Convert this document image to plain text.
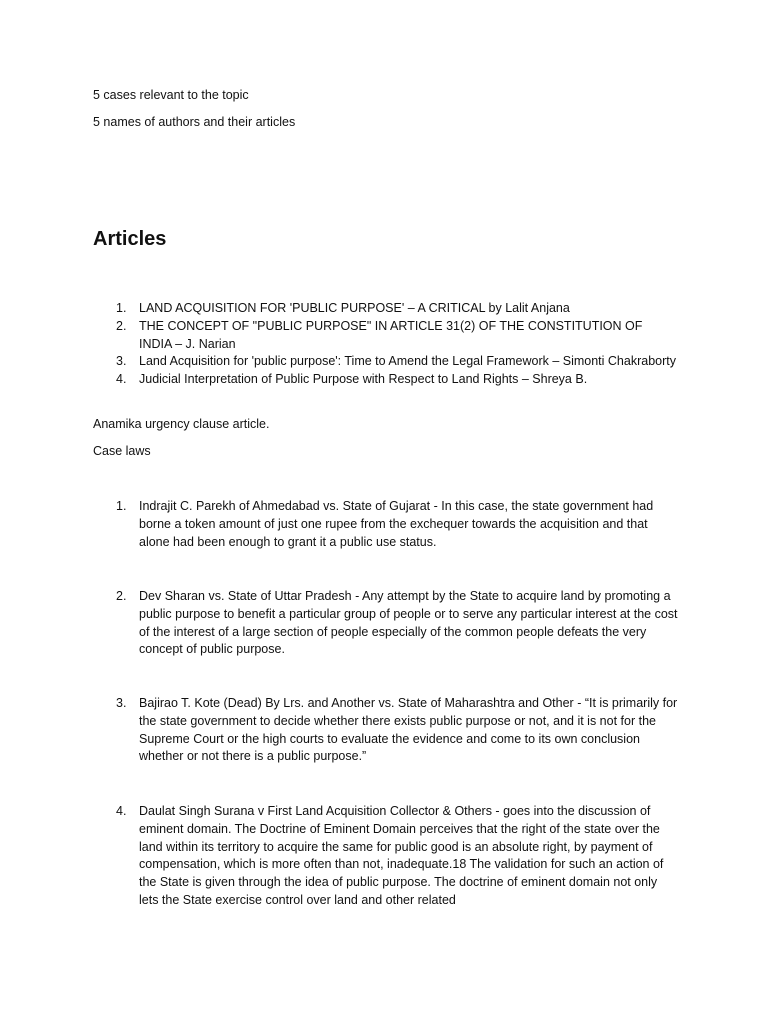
5 cases relevant to the topic

5 names of authors and their articles

Articles
1. LAND ACQUISITION FOR 'PUBLIC PURPOSE' – A CRITICAL by Lalit Anjana
2. THE CONCEPT OF "PUBLIC PURPOSE" IN ARTICLE 31(2) OF THE CONSTITUTION OF INDIA – J. Narian
3. Land Acquisition for 'public purpose': Time to Amend the Legal Framework – Simonti Chakraborty
4. Judicial Interpretation of Public Purpose with Respect to Land Rights – Shreya B.

Anamika urgency clause article.

Case laws

1. Indrajit C. Parekh of Ahmedabad vs. State of Gujarat - In this case, the state government had borne a token amount of just one rupee from the exchequer towards the acquisition and that alone had been enough to grant it a public use status.
2. Dev Sharan vs. State of Uttar Pradesh - Any attempt by the State to acquire land by promoting a public purpose to benefit a particular group of people or to serve any particular interest at the cost of the interest of a large section of people especially of the common people defeats the very concept of public purpose.
3. Bajirao T. Kote (Dead) By Lrs. and Another vs. State of Maharashtra and Other - “It is primarily for the state government to decide whether there exists public purpose or not, and it is not for the Supreme Court or the high courts to evaluate the evidence and come to its own conclusion whether or not there is a public purpose.”
4. Daulat Singh Surana v First Land Acquisition Collector & Others - goes into the discussion of eminent domain. The Doctrine of Eminent Domain perceives that the right of the state over the land within its territory to acquire the same for public good is an absolute right, by payment of compensation, which is more often than not, inadequate.18 The validation for such an action of the State is given through the idea of public purpose. The doctrine of eminent domain not only lets the State exercise control over land and other related
